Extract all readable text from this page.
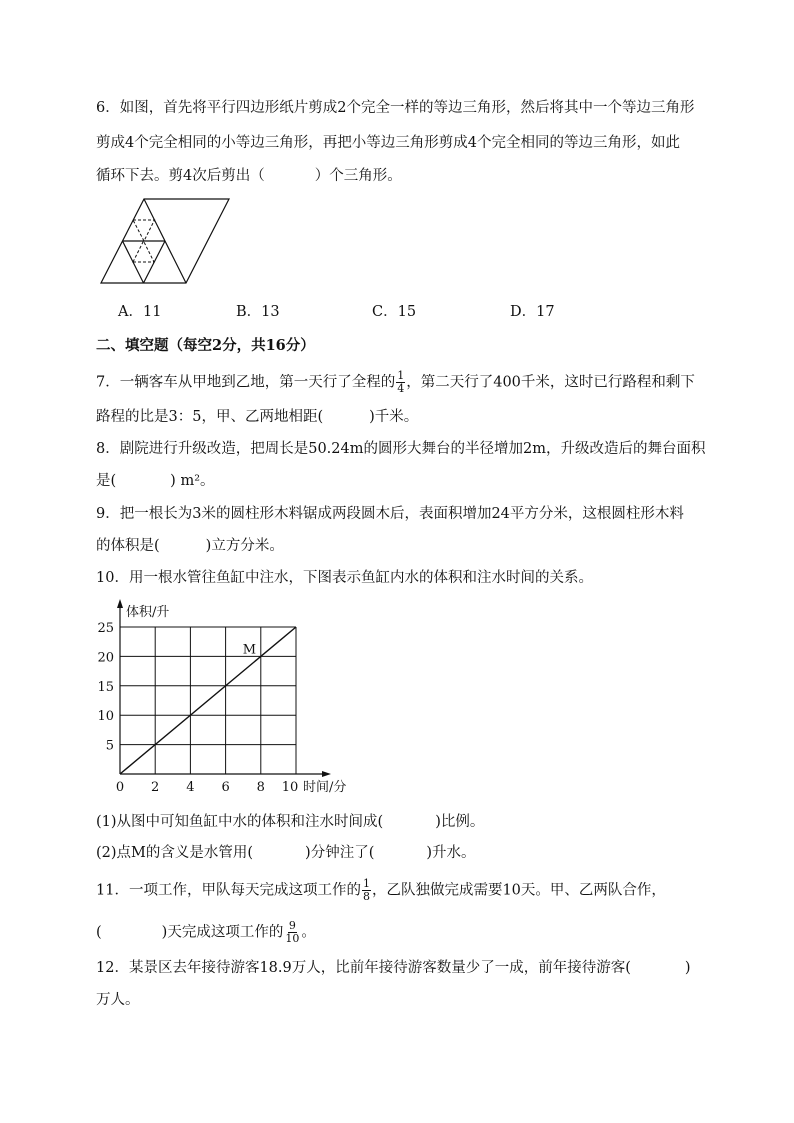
6．如图，首先将平行四边形纸片剪成2个完全一样的等边三角形，然后将其中一个等边三角形
剪成4个完全相同的小等边三角形，再把小等边三角形剪成4个完全相同的等边三角形，如此
循环下去。剪4次后剪出（	）个三角形。
A．11	B．13	C．15	D．17
二、填空题（每空2分，共16分）
7．一辆客车从甲地到乙地，第一天行了全程的 $\frac{1}{4}$ ，第二天行了400千米，这时已行路程和剩下
路程的比是3：5，甲、乙两地相距(	)千米。
8．剧院进行升级改造，把周长是50.24m的圆形大舞台的半径增加2m，升级改造后的舞台面积
是(	) m²。
9．把一根长为3米的圆柱形木料锯成两段圆木后，表面积增加24平方分米，这根圆柱形木料
的体积是(	)立方分米。
10．用一根水管往鱼缸中注水，下图表示鱼缸内水的体积和注水时间的关系。
M
5
10
15
20
25
0 2 4 6 8 10
体积/升
时间/分
(1)从图中可知鱼缸中水的体积和注水时间成(	)比例。
(2)点M的含义是水管用(	)分钟注了(	)升水。
11．一项工作，甲队每天完成这项工作的 $\frac{1}{8}$ ，乙队独做完成需要10天。甲、乙两队合作，
(	)天完成这项工作的 $\frac{9}{10}$ 。
12．某景区去年接待游客18.9万人，比前年接待游客数量少了一成，前年接待游客(	)
万人。
